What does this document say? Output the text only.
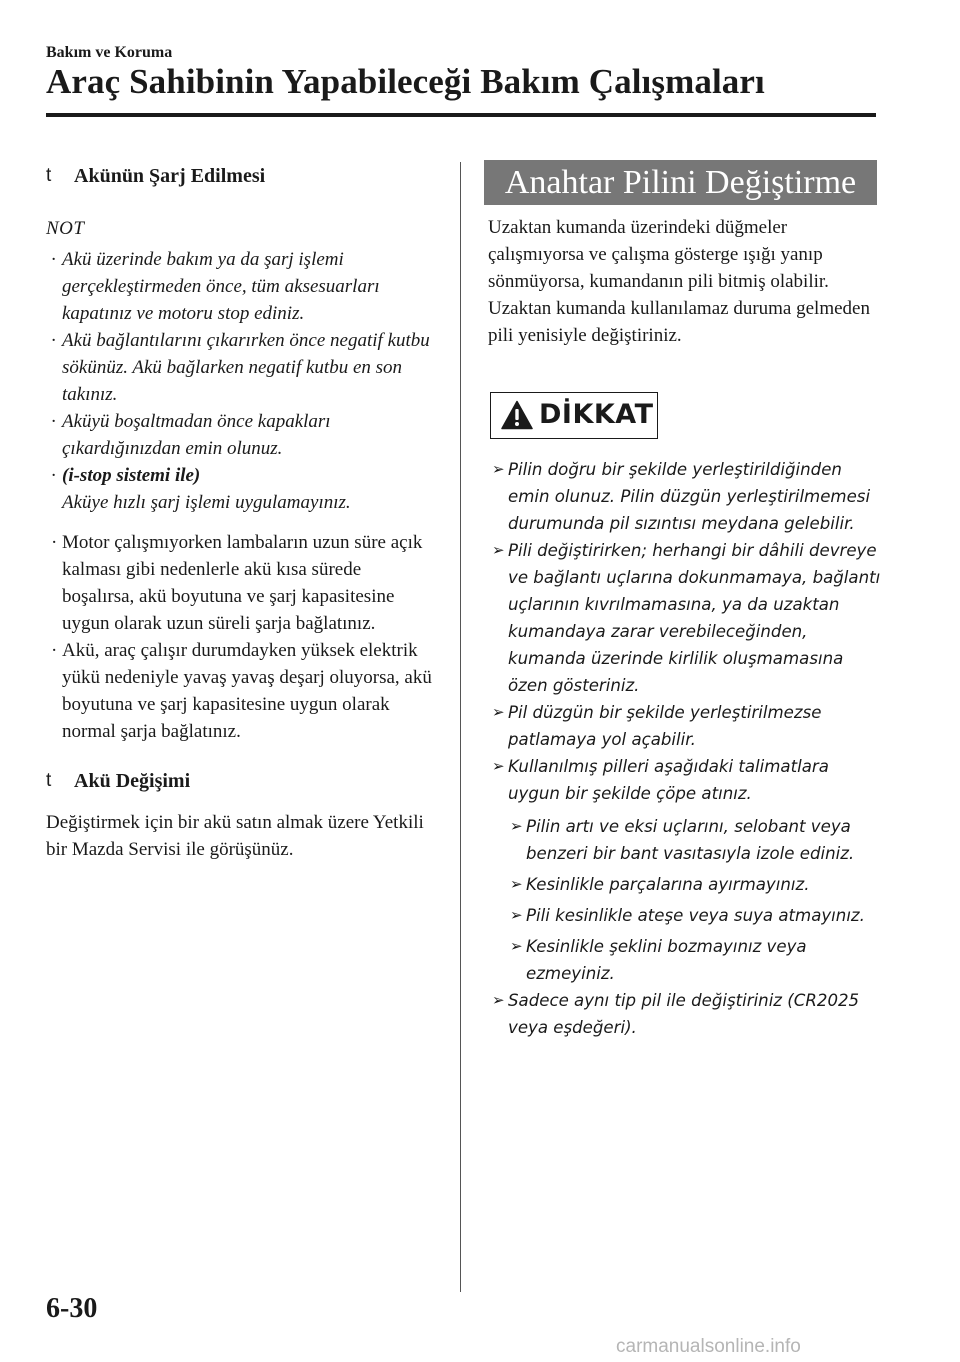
Bakım ve Koruma
Araç Sahibinin Yapabileceği Bakım Çalışmaları
t Akünün Şarj Edilmesi
NOT
· Akü üzerinde bakım ya da şarj işlemi gerçekleştirmeden önce, tüm aksesuarları kapatınız ve motoru stop ediniz.
· Akü bağlantılarını çıkarırken önce negatif kutbu sökünüz. Akü bağlarken negatif kutbu en son takınız.
· Aküyü boşaltmadan önce kapakları çıkardığınızdan emin olunuz.
· (i-stop sistemi ile)
Aküye hızlı şarj işlemi uygulamayınız.
· Motor çalışmıyorken lambaların uzun süre açık kalması gibi nedenlerle akü kısa sürede boşalırsa, akü boyutuna ve şarj kapasitesine uygun olarak uzun süreli şarja bağlatınız.
· Akü, araç çalışır durumdayken yüksek elektrik yükü nedeniyle yavaş yavaş deşarj oluyorsa, akü boyutuna ve şarj kapasitesine uygun olarak normal şarja bağlatınız.
t Akü Değişimi
Değiştirmek için bir akü satın almak üzere Yetkili bir Mazda Servisi ile görüşünüz.
Anahtar Pilini Değiştirme

Uzaktan kumanda üzerindeki düğmeler çalışmıyorsa ve çalışma gösterge ışığı yanıp sönmüyorsa, kumandanın pili bitmiş olabilir.

Uzaktan kumanda kullanılamaz duruma gelmeden pili yenisiyle değiştiriniz.

DİKKAT
➢ Pilin doğru bir şekilde yerleştirildiğinden emin olunuz. Pilin düzgün yerleştirilmemesi durumunda pil sızıntısı meydana gelebilir.
➢ Pili değiştirirken; herhangi bir dâhili devreye ve bağlantı uçlarına dokunmamaya, bağlantı uçlarının kıvrılmamasına, ya da uzaktan kumandaya zarar verebileceğinden, kumanda üzerinde kirlilik oluşmamasına özen gösteriniz.
➢ Pil düzgün bir şekilde yerleştirilmezse patlamaya yol açabilir.
➢ Kullanılmış pilleri aşağıdaki talimatlara uygun bir şekilde çöpe atınız.
➢ Pilin artı ve eksi uçlarını, selobant veya benzeri bir bant vasıtasıyla izole ediniz.
➢ Kesinlikle parçalarına ayırmayınız.
➢ Pili kesinlikle ateşe veya suya atmayınız.
➢ Kesinlikle şeklini bozmayınız veya ezmeyiniz.
➢ Sadece aynı tip pil ile değiştiriniz (CR2025 veya eşdeğeri).
6-30
carmanualsonline.info
